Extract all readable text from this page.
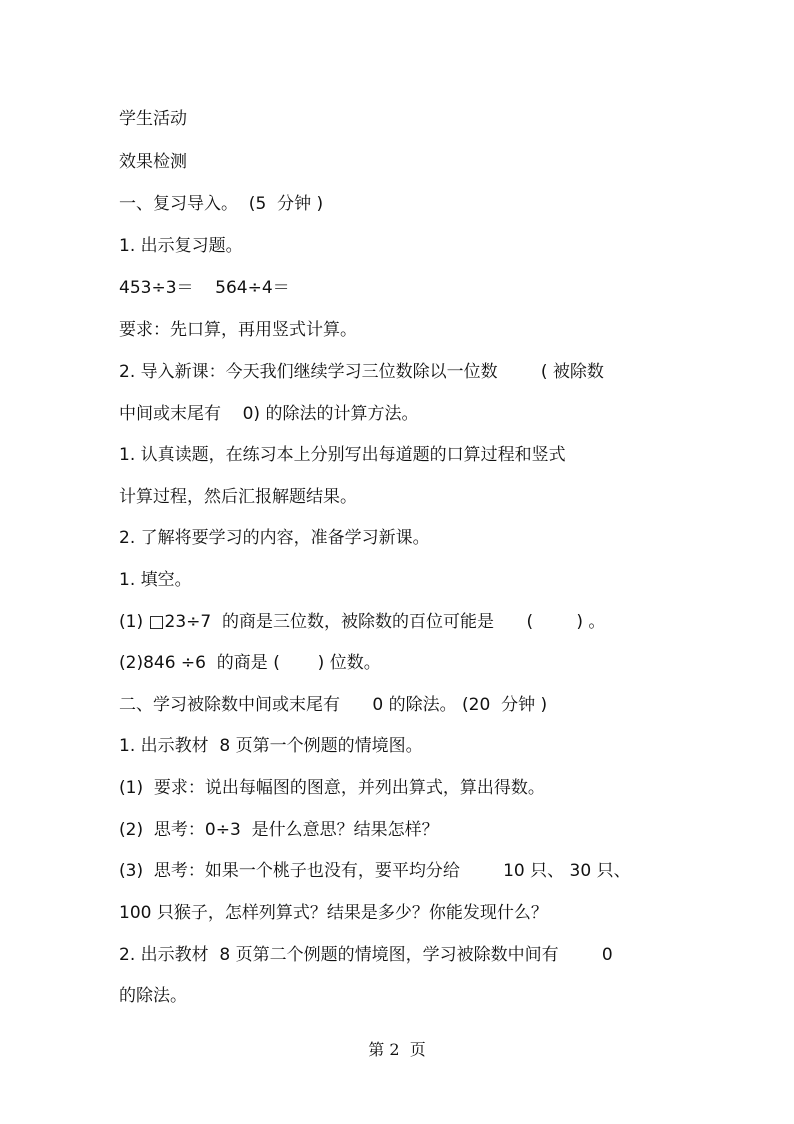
学生活动

效果检测

一、复习导入。  (5  分钟 )

1. 出示复习题。

453÷3＝    564÷4＝

要求：先口算，再用竖式计算。

2. 导入新课：今天我们继续学习三位数除以一位数        ( 被除数

中间或末尾有    0) 的除法的计算方法。

1. 认真读题，在练习本上分别写出每道题的口算过程和竖式

计算过程，然后汇报解题结果。

2. 了解将要学习的内容，准备学习新课。

1. 填空。

(1) □23÷7  的商是三位数，被除数的百位可能是      (        ) 。

(2)846 ÷6  的商是 (       ) 位数。

二、学习被除数中间或末尾有      0 的除法。 (20  分钟 )

1. 出示教材  8 页第一个例题的情境图。

(1)  要求：说出每幅图的图意，并列出算式，算出得数。

(2)  思考：0÷3  是什么意思？结果怎样？

(3)  思考：如果一个桃子也没有，要平均分给        10 只、 30 只、

100 只猴子，怎样列算式？结果是多少？你能发现什么？

2. 出示教材  8 页第二个例题的情境图，学习被除数中间有        0

的除法。

第 2  页
